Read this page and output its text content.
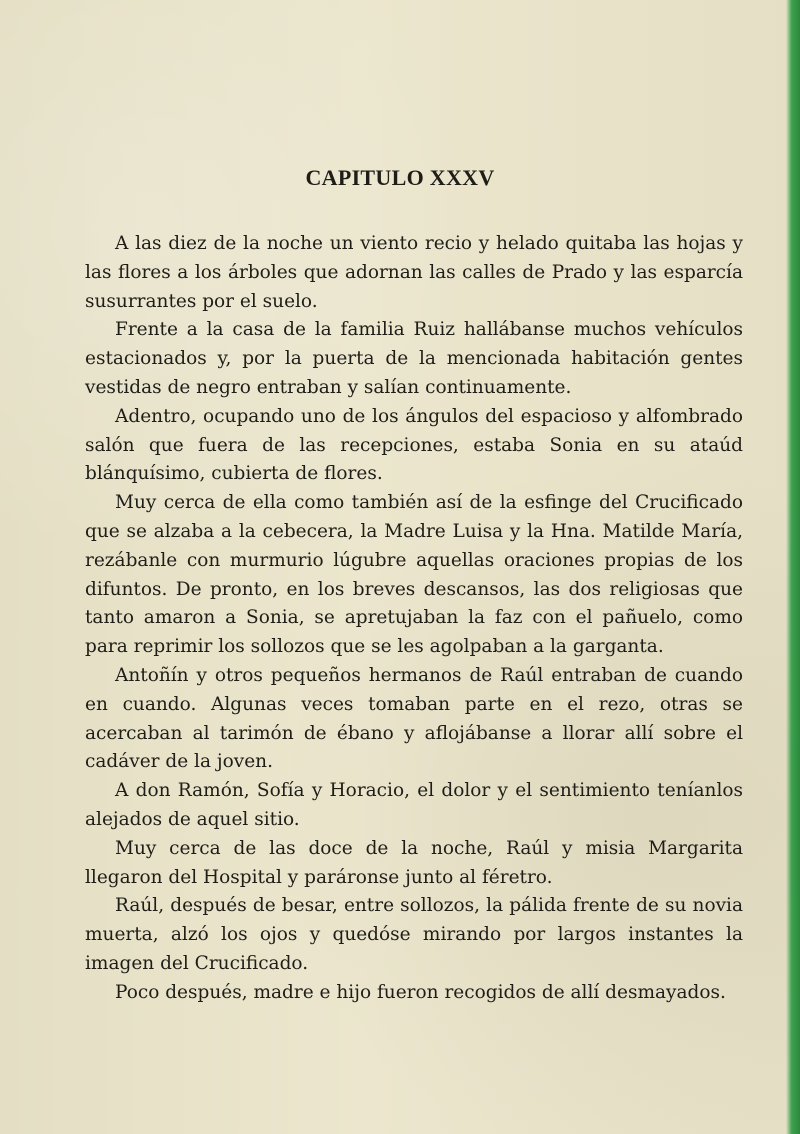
CAPITULO XXXV

A las diez de la noche un viento recio y helado quitaba las hojas y las flores a los árboles que adornan las calles de Prado y las esparcía susurrantes por el suelo.

Frente a la casa de la familia Ruiz hallábanse muchos vehículos estacionados y, por la puerta de la mencionada habitación gentes vestidas de negro entraban y salían continuamente.

Adentro, ocupando uno de los ángulos del espacioso y alfombrado salón que fuera de las recepciones, estaba Sonia en su ataúd blánquísimo, cubierta de flores.

Muy cerca de ella como también así de la esfinge del Crucificado que se alzaba a la cebecera, la Madre Luisa y la Hna. Matilde María, rezábanle con murmurio lúgubre aquellas oraciones propias de los difuntos. De pronto, en los breves descansos, las dos religiosas que tanto amaron a Sonia, se apretujaban la faz con el pañuelo, como para reprimir los sollozos que se les agolpaban a la garganta.

Antoñín y otros pequeños hermanos de Raúl entraban de cuando en cuando. Algunas veces tomaban parte en el rezo, otras se acercaban al tarimón de ébano y aflojábanse a llorar allí sobre el cadáver de la joven.

A don Ramón, Sofía y Horacio, el dolor y el sentimiento teníanlos alejados de aquel sitio.

Muy cerca de las doce de la noche, Raúl y misia Margarita llegaron del Hospital y paráronse junto al féretro.

Raúl, después de besar, entre sollozos, la pálida frente de su novia muerta, alzó los ojos y quedóse mirando por largos instantes la imagen del Crucificado.

Poco después, madre e hijo fueron recogidos de allí desmayados.
